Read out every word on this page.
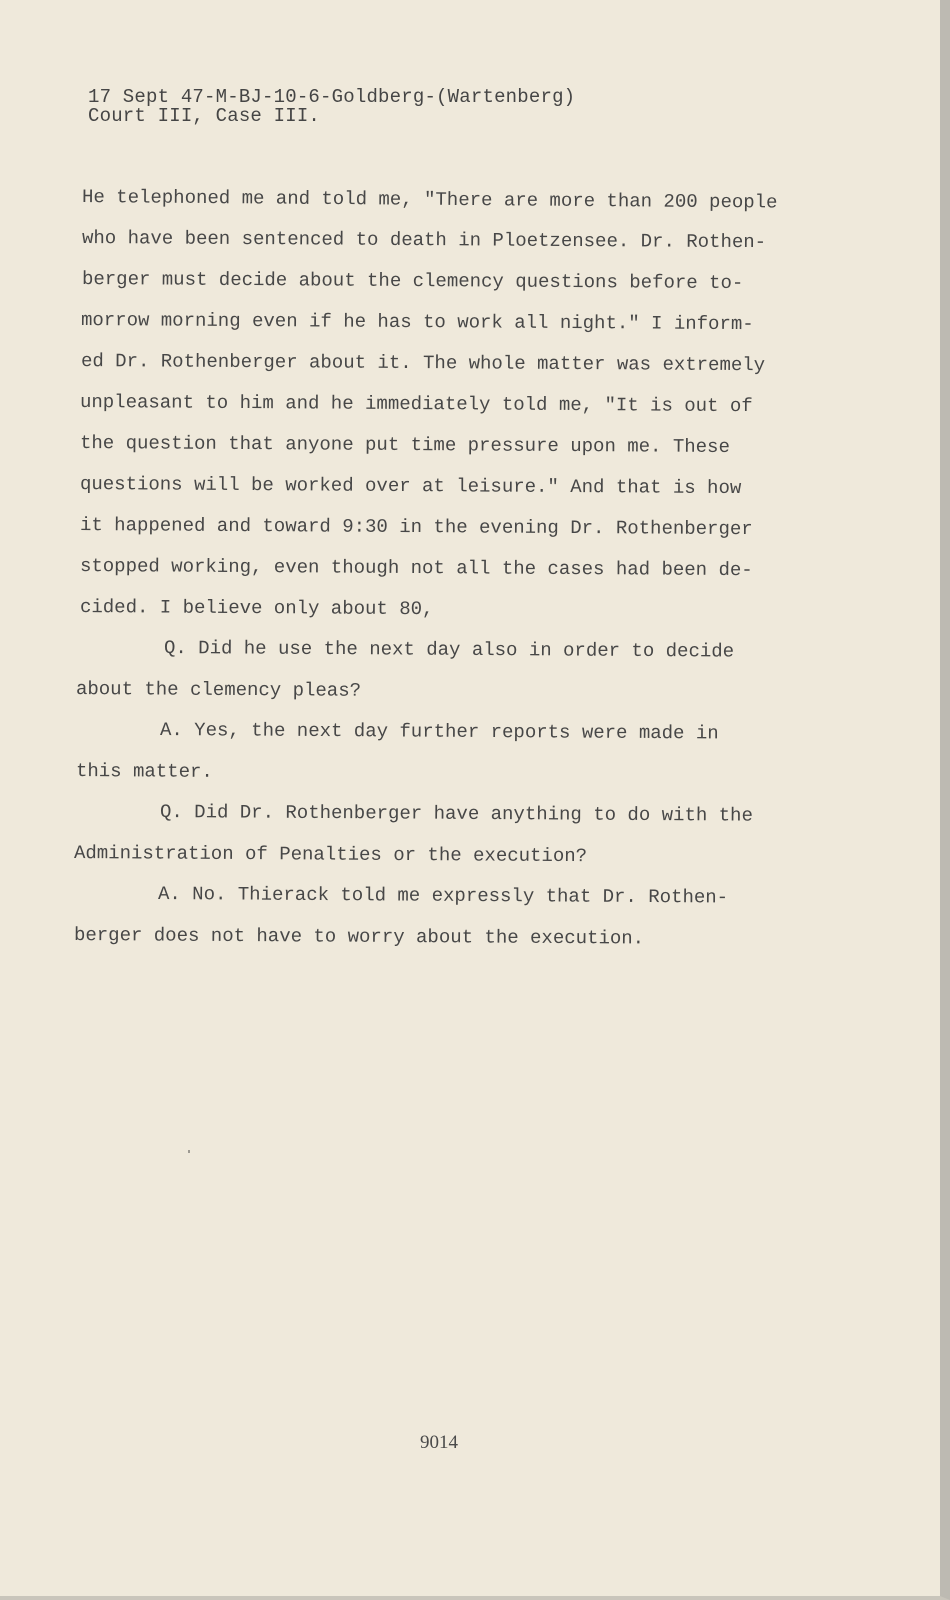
17 Sept 47-M-BJ-10-6-Goldberg-(Wartenberg)
Court III, Case III.
He telephoned me and told me, "There are more than 200 people
who have been sentenced to death in Ploetzensee. Dr. Rothen-
berger must decide about the clemency questions before to-
morrow morning even if he has to work all night." I inform-
ed Dr. Rothenberger about it. The whole matter was extremely
unpleasant to him and he immediately told me, "It is out of
the question that anyone put time pressure upon me. These
questions will be worked over at leisure." And that is how
it happened and toward 9:30 in the evening Dr. Rothenberger
stopped working, even though not all the cases had been de-
cided. I believe only about 80,
Q. Did he use the next day also in order to decide
about the clemency pleas?
A. Yes, the next day further reports were made in
this matter.
Q. Did Dr. Rothenberger have anything to do with the
Administration of Penalties or the execution?
A. No. Thierack told me expressly that Dr. Rothen-
berger does not have to worry about the execution.
9014
